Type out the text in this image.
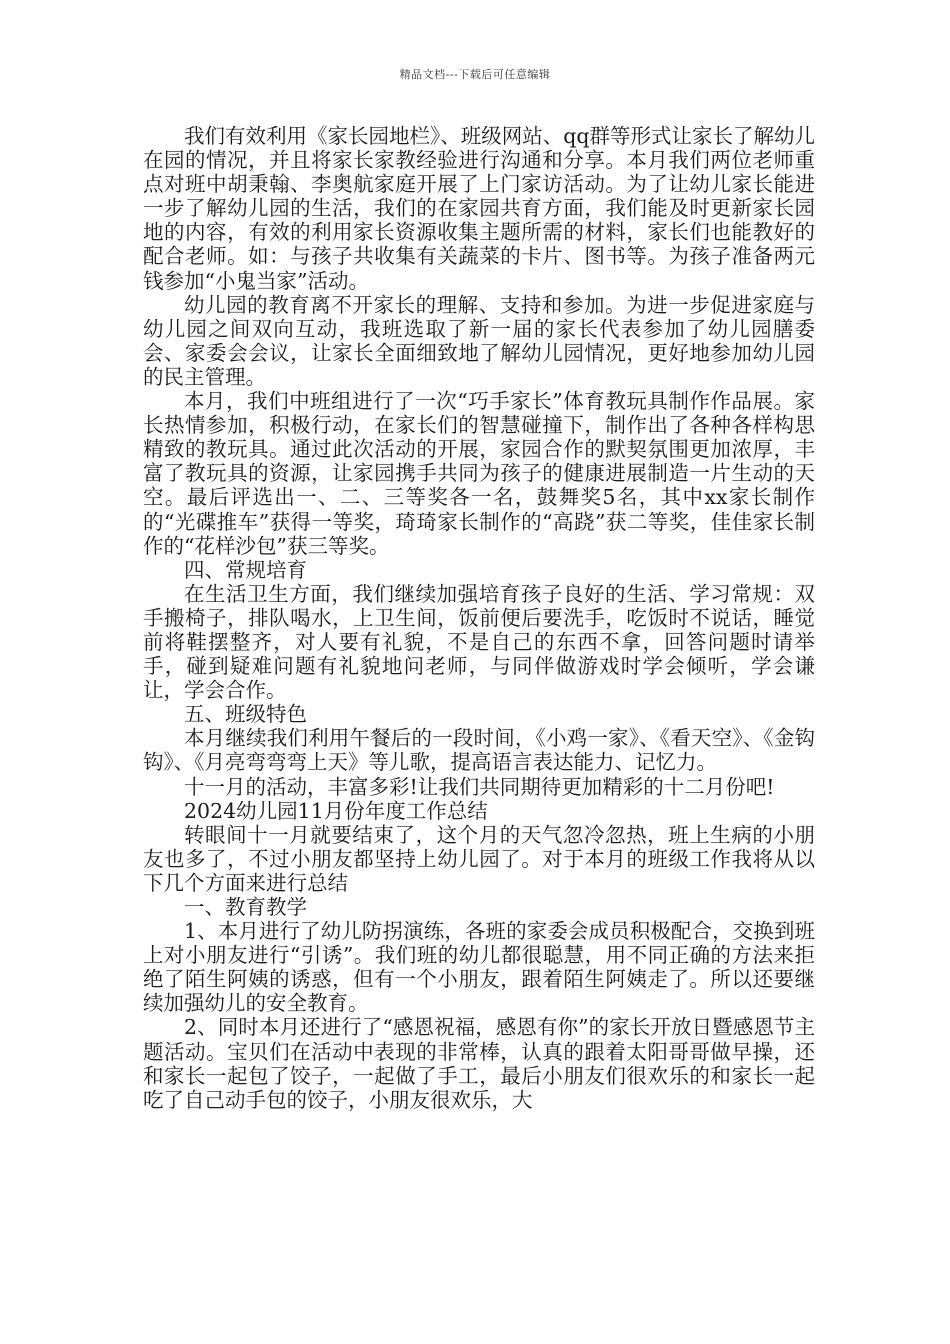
精品文档---下载后可任意编辑

我们有效利用《家长园地栏》、班级网站、qq群等形式让家长了解幼儿在园的情况，并且将家长家教经验进行沟通和分享。本月我们两位老师重点对班中胡秉翰、李奥航家庭开展了上门家访活动。为了让幼儿家长能进一步了解幼儿园的生活，我们的在家园共育方面，我们能及时更新家长园地的内容，有效的利用家长资源收集主题所需的材料，家长们也能教好的配合老师。如：与孩子共收集有关蔬菜的卡片、图书等。为孩子准备两元钱参加“小鬼当家”活动。

幼儿园的教育离不开家长的理解、支持和参加。为进一步促进家庭与幼儿园之间双向互动，我班选取了新一届的家长代表参加了幼儿园膳委会、家委会会议，让家长全面细致地了解幼儿园情况，更好地参加幼儿园的民主管理。

本月，我们中班组进行了一次“巧手家长”体育教玩具制作作品展。家长热情参加，积极行动，在家长们的智慧碰撞下，制作出了各种各样构思精致的教玩具。通过此次活动的开展，家园合作的默契氛围更加浓厚，丰富了教玩具的资源，让家园携手共同为孩子的健康进展制造一片生动的天空。最后评选出一、二、三等奖各一名，鼓舞奖5名，其中xx家长制作的“光碟推车”获得一等奖，琦琦家长制作的“高跷”获二等奖，佳佳家长制作的“花样沙包”获三等奖。

四、常规培育

在生活卫生方面，我们继续加强培育孩子良好的生活、学习常规：双手搬椅子，排队喝水，上卫生间，饭前便后要洗手，吃饭时不说话，睡觉前将鞋摆整齐，对人要有礼貌，不是自己的东西不拿，回答问题时请举手，碰到疑难问题有礼貌地问老师，与同伴做游戏时学会倾听，学会谦让，学会合作。

五、班级特色

本月继续我们利用午餐后的一段时间，《小鸡一家》、《看天空》、《金钩钩》、《月亮弯弯弯上天》等儿歌，提高语言表达能力、记忆力。

十一月的活动，丰富多彩!让我们共同期待更加精彩的十二月份吧!

2024幼儿园11月份年度工作总结

转眼间十一月就要结束了，这个月的天气忽冷忽热，班上生病的小朋友也多了，不过小朋友都坚持上幼儿园了。对于本月的班级工作我将从以下几个方面来进行总结

一、教育教学

1、本月进行了幼儿防拐演练，各班的家委会成员积极配合，交换到班上对小朋友进行“引诱”。我们班的幼儿都很聪慧，用不同正确的方法来拒绝了陌生阿姨的诱惑，但有一个小朋友，跟着陌生阿姨走了。所以还要继续加强幼儿的安全教育。

2、同时本月还进行了“感恩祝福，感恩有你”的家长开放日暨感恩节主题活动。宝贝们在活动中表现的非常棒，认真的跟着太阳哥哥做早操，还和家长一起包了饺子，一起做了手工，最后小朋友们很欢乐的和家长一起吃了自己动手包的饺子，小朋友很欢乐，大
